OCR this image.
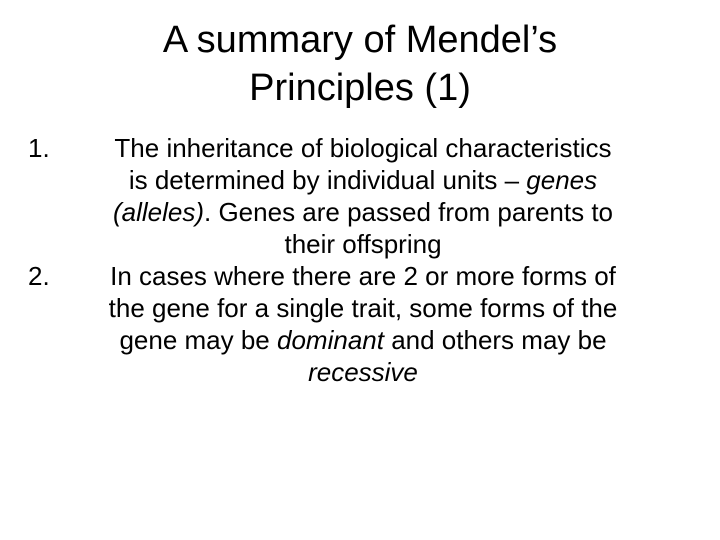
A summary of Mendel’s
Principles (1)
1.	The inheritance of biological characteristics
is determined by individual units – genes
(alleles). Genes are passed from parents to
their offspring
2.	In cases where there are 2 or more forms of
the gene for a single trait, some forms of the
gene may be dominant and others may be
recessive
